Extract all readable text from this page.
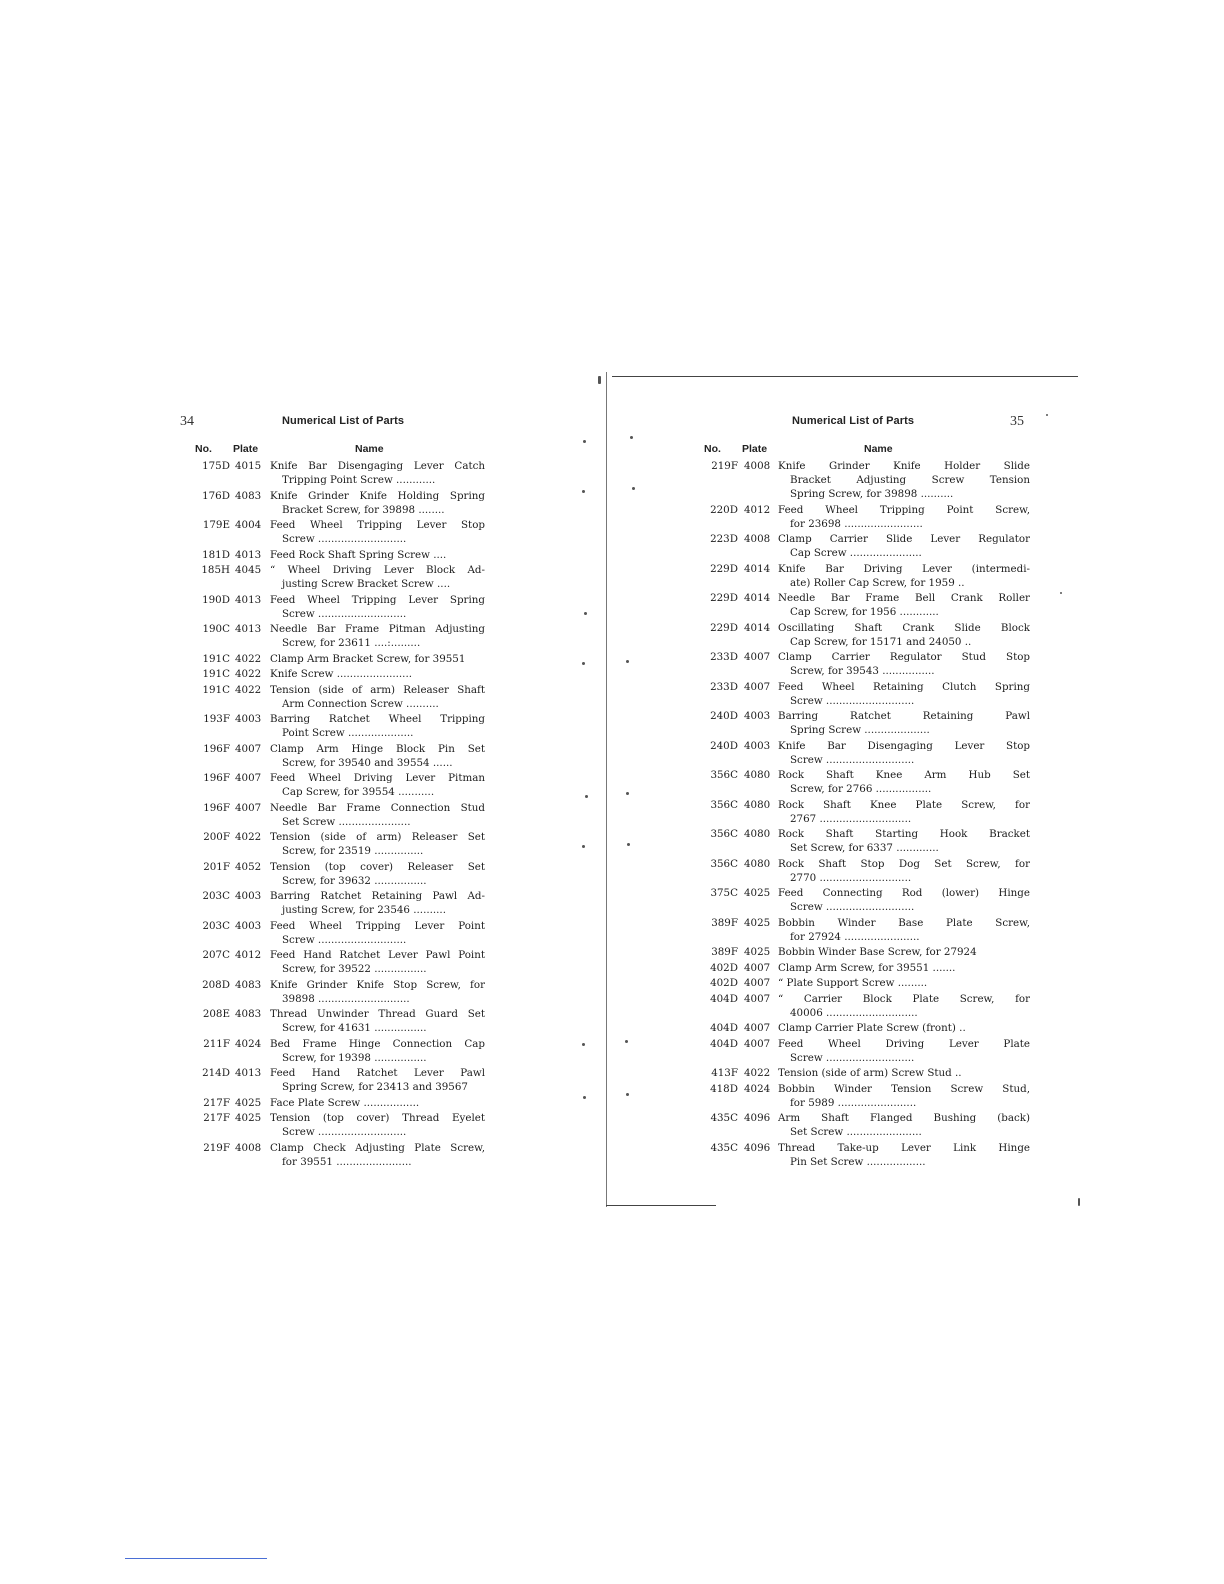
34	Numerical List of Parts
No. Plate	Name
175D 4015 Knife Bar Disengaging Lever Catch
Tripping Point Screw ............
176D 4083 Knife Grinder Knife Holding Spring
Bracket Screw, for 39898 ........
179E 4004 Feed Wheel Tripping Lever Stop
Screw ...........................
181D 4013 Feed Rock Shaft Spring Screw ....
185H 4045 “ Wheel Driving Lever Block Ad-
justing Screw Bracket Screw ....
190D 4013 Feed Wheel Tripping Lever Spring
Screw ...........................
190C 4013 Needle Bar Frame Pitman Adjusting
Screw, for 23611 ....:.........
191C 4022 Clamp Arm Bracket Screw, for 39551
191C 4022 Knife Screw .......................
191C 4022 Tension (side of arm) Releaser Shaft
Arm Connection Screw ..........
193F 4003 Barring Ratchet Wheel Tripping
Point Screw ....................
196F 4007 Clamp Arm Hinge Block Pin Set
Screw, for 39540 and 39554 ......
196F 4007 Feed Wheel Driving Lever Pitman
Cap Screw, for 39554 ...........
196F 4007 Needle Bar Frame Connection Stud
Set Screw ......................
200F 4022 Tension (side of arm) Releaser Set
Screw, for 23519 ...............
201F 4052 Tension (top cover) Releaser Set
Screw, for 39632 ................
203C 4003 Barring Ratchet Retaining Pawl Ad-
justing Screw, for 23546 ..........
203C 4003 Feed Wheel Tripping Lever Point
Screw ...........................
207C 4012 Feed Hand Ratchet Lever Pawl Point
Screw, for 39522 ................
208D 4083 Knife Grinder Knife Stop Screw, for
39898 ............................
208E 4083 Thread Unwinder Thread Guard Set
Screw, for 41631 ................
211F 4024 Bed Frame Hinge Connection Cap
Screw, for 19398 ................
214D 4013 Feed Hand Ratchet Lever Pawl
Spring Screw, for 23413 and 39567
217F 4025 Face Plate Screw .................
217F 4025 Tension (top cover) Thread Eyelet
Screw ...........................
219F 4008 Clamp Check Adjusting Plate Screw,
for 39551 .......................
35
Numerical List of Parts
No. Plate	Name
219F 4008 Knife Grinder Knife Holder Slide
Bracket Adjusting Screw Tension
Spring Screw, for 39898 ..........
220D 4012 Feed Wheel Tripping Point Screw,
for 23698 ........................
223D 4008 Clamp Carrier Slide Lever Regulator
Cap Screw ......................
229D 4014 Knife Bar Driving Lever (intermedi-
ate) Roller Cap Screw, for 1959 ..
229D 4014 Needle Bar Frame Bell Crank Roller
Cap Screw, for 1956 ............
229D 4014 Oscillating Shaft Crank Slide Block
Cap Screw, for 15171 and 24050 ..
233D 4007 Clamp Carrier Regulator Stud Stop
Screw, for 39543 ................
233D 4007 Feed Wheel Retaining Clutch Spring
Screw ...........................
240D 4003 Barring Ratchet Retaining Pawl
Spring Screw ....................
240D 4003 Knife Bar Disengaging Lever Stop
Screw ...........................
356C 4080 Rock Shaft Knee Arm Hub Set
Screw, for 2766 .................
356C 4080 Rock Shaft Knee Plate Screw, for
2767 ............................
356C 4080 Rock Shaft Starting Hook Bracket
Set Screw, for 6337 .............
356C 4080 Rock Shaft Stop Dog Set Screw, for
2770 ............................
375C 4025 Feed Connecting Rod (lower) Hinge
Screw ...........................
389F 4025 Bobbin Winder Base Plate Screw,
for 27924 .......................
389F 4025 Bobbin Winder Base Screw, for 27924
402D 4007 Clamp Arm Screw, for 39551 .......
402D 4007 “ Plate Support Screw .........
404D 4007 “ Carrier Block Plate Screw, for
40006 ............................
404D 4007 Clamp Carrier Plate Screw (front) ..
404D 4007 Feed Wheel Driving Lever Plate
Screw ...........................
413F 4022 Tension (side of arm) Screw Stud ..
418D 4024 Bobbin Winder Tension Screw Stud,
for 5989 ........................
435C 4096 Arm Shaft Flanged Bushing (back)
Set Screw .......................
435C 4096 Thread Take-up Lever Link Hinge
Pin Set Screw ..................
